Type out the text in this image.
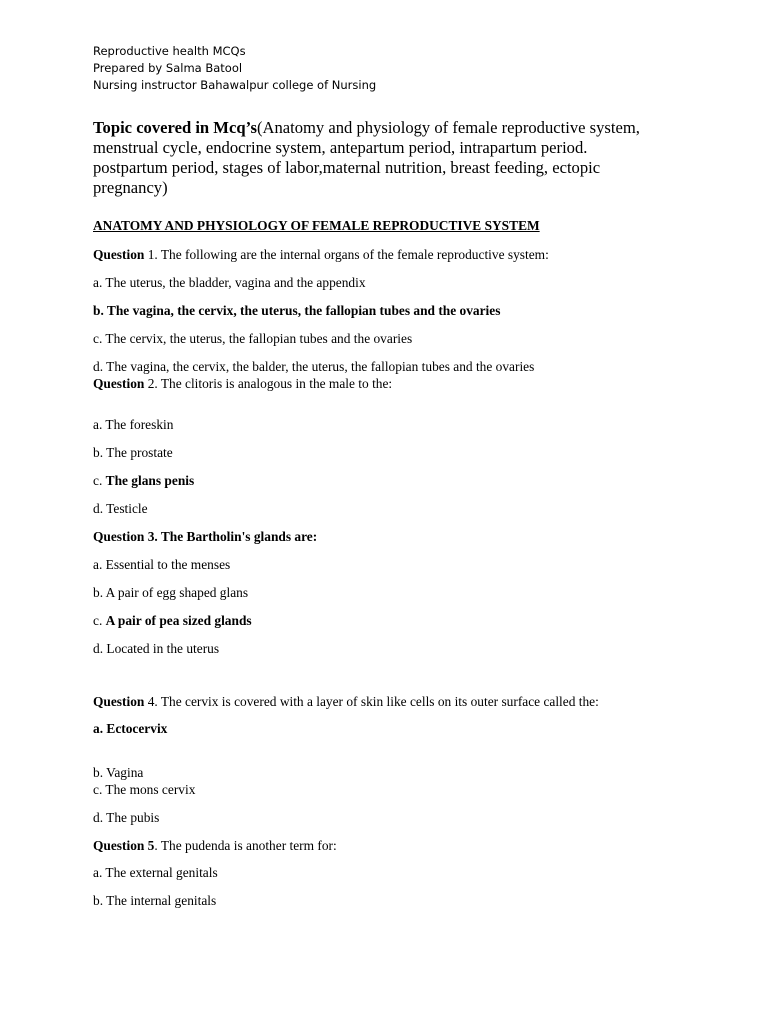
Reproductive health MCQs
Prepared by Salma Batool
Nursing instructor Bahawalpur college of Nursing
Topic covered in Mcq’s(Anatomy and physiology of female reproductive system, menstrual cycle, endocrine system, antepartum period, intrapartum period. postpartum period, stages of labor,maternal nutrition, breast feeding, ectopic pregnancy)
ANATOMY AND PHYSIOLOGY OF FEMALE REPRODUCTIVE SYSTEM
Question 1. The following are the internal organs of the female reproductive system:
a. The uterus, the bladder, vagina and the appendix
b. The vagina, the cervix, the uterus, the fallopian tubes and the ovaries
c. The cervix, the uterus, the fallopian tubes and the ovaries
d. The vagina, the cervix, the balder, the uterus, the fallopian tubes and the ovaries
Question 2. The clitoris is analogous in the male to the:
a. The foreskin
b. The prostate
c. The glans penis
d. Testicle
Question 3. The Bartholin's glands are:
a. Essential to the menses
b. A pair of egg shaped glans
c. A pair of pea sized glands
d. Located in the uterus
Question 4. The cervix is covered with a layer of skin like cells on its outer surface called the:
a. Ectocervix
b. Vagina
c. The mons cervix
d. The pubis
Question 5. The pudenda is another term for:
a. The external genitals
b. The internal genitals
